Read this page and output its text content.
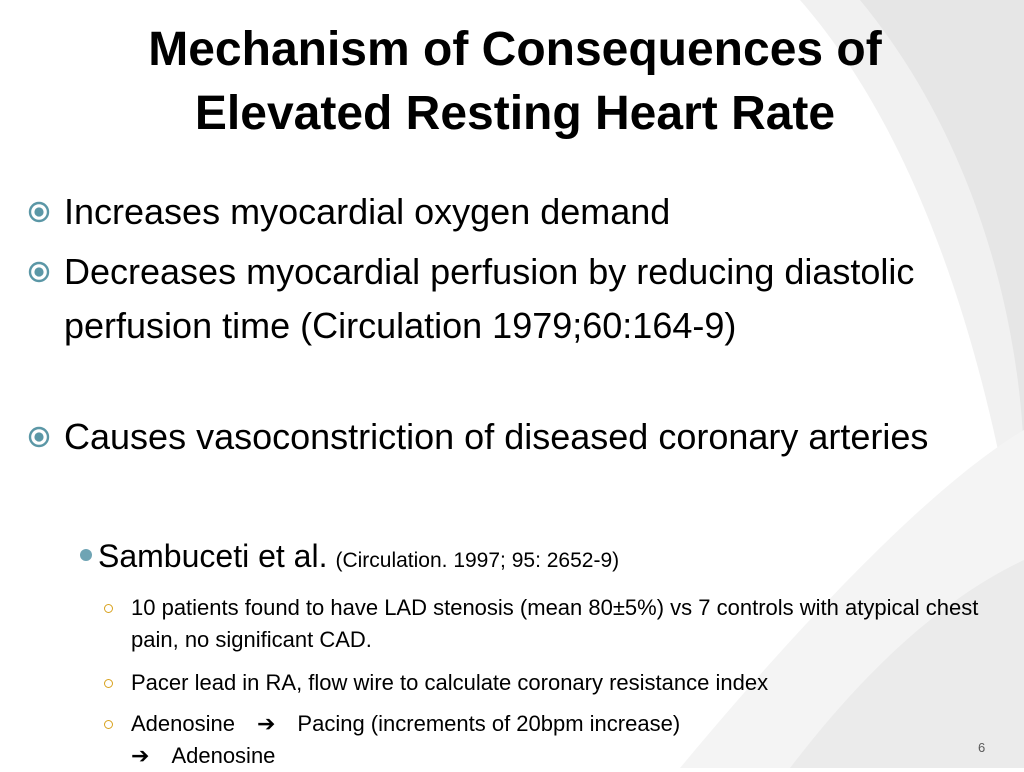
Mechanism of Consequences of
Elevated Resting Heart Rate
Increases myocardial oxygen demand
Decreases myocardial perfusion by reducing diastolic perfusion time (Circulation 1979;60:164-9)
Causes vasoconstriction of diseased coronary arteries
Sambuceti et al. (Circulation. 1997; 95: 2652-9)
10 patients found to have LAD stenosis (mean 80±5%) vs 7 controls with atypical chest pain, no significant CAD.
Pacer lead in RA, flow wire to calculate coronary resistance index
Adenosine ➔ Pacing (increments of 20bpm increase)
➔ Adenosine	6
